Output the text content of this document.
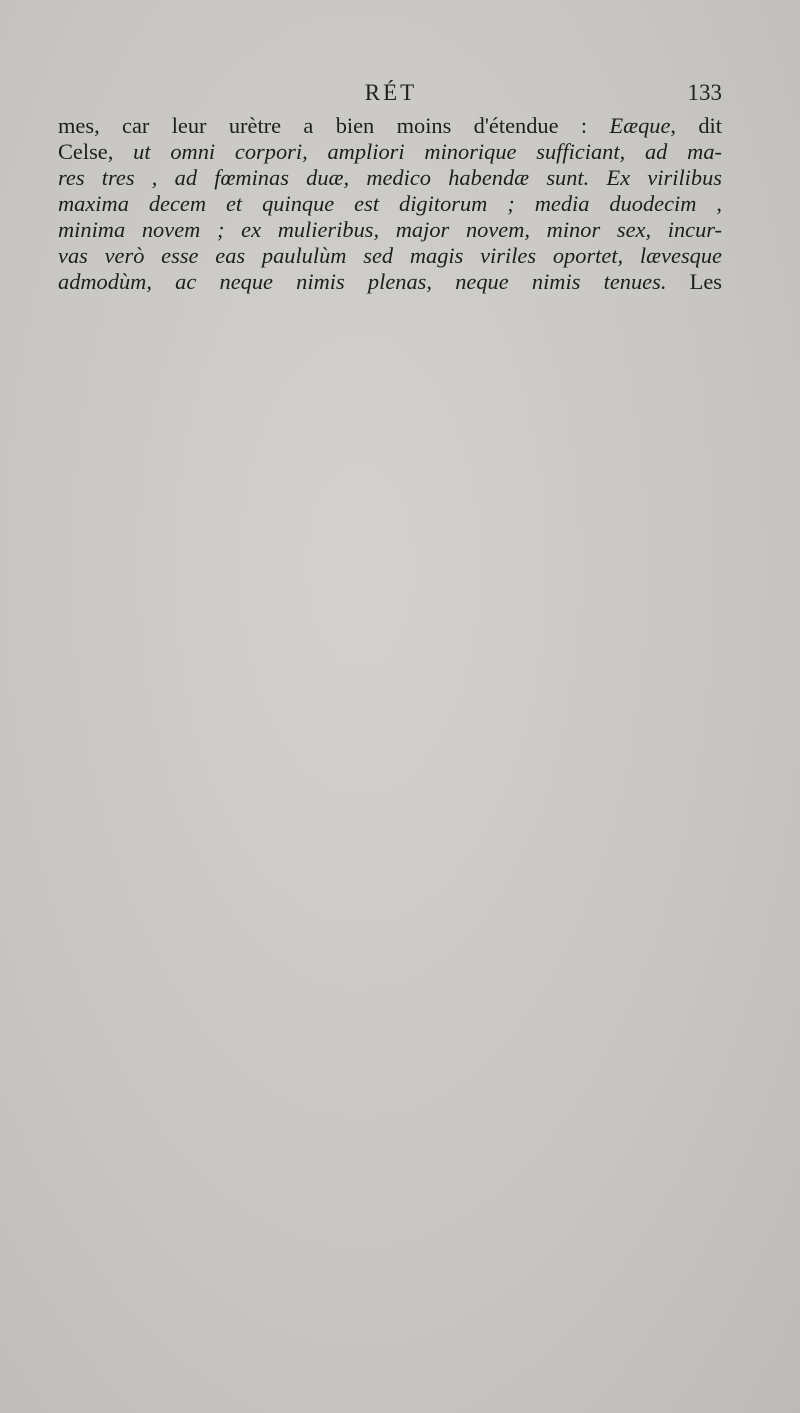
RÉT	133
mes, car leur urètre a bien moins d'étendue : Eæque, dit
Celse, ut omni corpori, ampliori minorique sufficiant, ad ma-
res tres , ad fœminas duæ, medico habendæ sunt. Ex virilibus
maxima decem et quinque est digitorum ; media duodecim ,
minima novem ; ex mulieribus, major novem, minor sex, incur-
vas verò esse eas paululùm sed magis viriles oportet, lævesque
admodùm, ac neque nimis plenas, neque nimis tenues. Les
